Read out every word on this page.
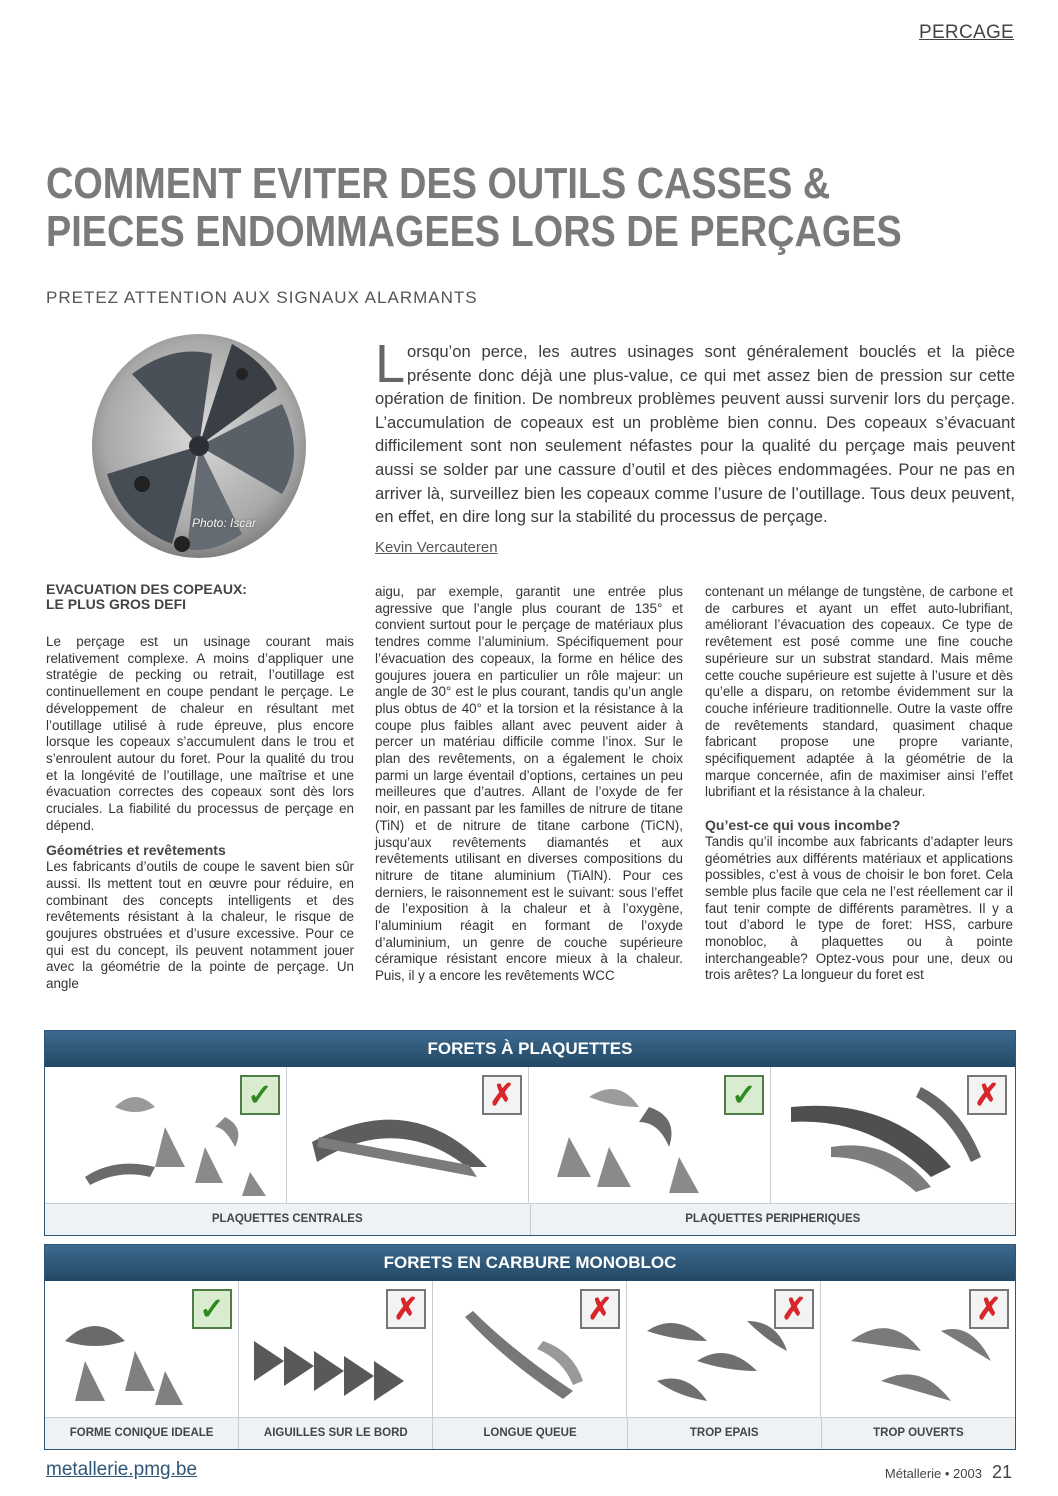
PERCAGE
COMMENT EVITER DES OUTILS CASSES &
PIECES ENDOMMAGEES LORS DE PERÇAGES
PRETEZ ATTENTION AUX SIGNAUX ALARMANTS
Photo: Iscar
L orsqu’on perce, les autres usinages sont généralement bouclés et la pièce présente donc déjà une plus-value, ce qui met assez bien de pression sur cette opération de finition. De nombreux problèmes peuvent aussi survenir lors du perçage. L’accumulation de copeaux est un problème bien connu. Des copeaux s’évacuant difficilement sont non seulement néfastes pour la qualité du perçage mais peuvent aussi se solder par une cassure d’outil et des pièces endommagées. Pour ne pas en arriver là, surveillez bien les copeaux comme l’usure de l’outillage. Tous deux peuvent, en effet, en dire long sur la stabilité du processus de perçage.
Kevin Vercauteren

EVACUATION DES COPEAUX:

LE PLUS GROS DEFI

Le perçage est un usinage courant mais relativement complexe. A moins d’appliquer une stratégie de pecking ou retrait, l’outillage est continuellement en coupe pendant le perçage. Le développement de chaleur en résultant met l’outillage utilisé à rude épreuve, plus encore lorsque les copeaux s’accumulent dans le trou et s’enroulent autour du foret. Pour la qualité du trou et la longévité de l’outillage, une maîtrise et une évacuation correctes des copeaux sont dès lors cruciales. La fiabilité du processus de perçage en dépend.

Géométries et revêtements

Les fabricants d’outils de coupe le savent bien sûr aussi. Ils mettent tout en œuvre pour réduire, en combinant des concepts intelligents et des revêtements résistant à la chaleur, le risque de goujures obstruées et d’usure excessive. Pour ce qui est du concept, ils peuvent notamment jouer avec la géométrie de la pointe de perçage. Un angle

aigu, par exemple, garantit une entrée plus agressive que l’angle plus courant de 135° et convient surtout pour le perçage de matériaux plus tendres comme l’aluminium. Spécifiquement pour l’évacuation des copeaux, la forme en hélice des goujures jouera en particulier un rôle majeur: un angle de 30° est le plus courant, tandis qu’un angle plus obtus de 40° et la torsion et la résistance à la coupe plus faibles allant avec peuvent aider à percer un matériau difficile comme l’inox. Sur le plan des revêtements, on a également le choix parmi un large éventail d’options, certaines un peu meilleures que d’autres. Allant de l’oxyde de fer noir, en passant par les familles de nitrure de titane (TiN) et de nitrure de titane carbone (TiCN), jusqu’aux revêtements diamantés et aux revêtements utilisant en diverses compositions du nitrure de titane aluminium (TiAlN). Pour ces derniers, le raisonnement est le suivant: sous l’effet de l’exposition à la chaleur et à l’oxygène, l’aluminium réagit en formant de l’oxyde d’aluminium, un genre de couche supérieure céramique résistant encore mieux à la chaleur. Puis, il y a encore les revêtements WCC

contenant un mélange de tungstène, de carbone et de carbures et ayant un effet auto-lubrifiant, améliorant l’évacuation des copeaux. Ce type de revêtement est posé comme une fine couche supérieure sur un substrat standard. Mais même cette couche supérieure est sujette à l’usure et dès qu’elle a disparu, on retombe évidemment sur la couche inférieure traditionnelle. Outre la vaste offre de revêtements standard, quasiment chaque fabricant propose une propre variante, spécifiquement adaptée à la géométrie de la marque concernée, afin de maximiser ainsi l’effet lubrifiant et la résistance à la chaleur.

Qu’est-ce qui vous incombe?

Tandis qu’il incombe aux fabricants d’adapter leurs géométries aux différents matériaux et applications possibles, c’est à vous de choisir le bon foret. Cela semble plus facile que cela ne l’est réellement car il faut tenir compte de différents paramètres. Il y a tout d’abord le type de foret: HSS, carbure monobloc, à plaquettes ou à pointe interchangeable? Optez-vous pour une, deux ou trois arêtes? La longueur du foret est

FORETS À PLAQUETTES
✓	✗	✓	✗
PLAQUETTES CENTRALES	PLAQUETTES PERIPHERIQUES
FORETS EN CARBURE MONOBLOC
✓	✗	✗	✗	✗
FORME CONIQUE IDEALE	AIGUILLES SUR LE BORD	LONGUE QUEUE	TROP EPAIS	TROP OUVERTS
metallerie.pmg.be	Métallerie • 2003 21
